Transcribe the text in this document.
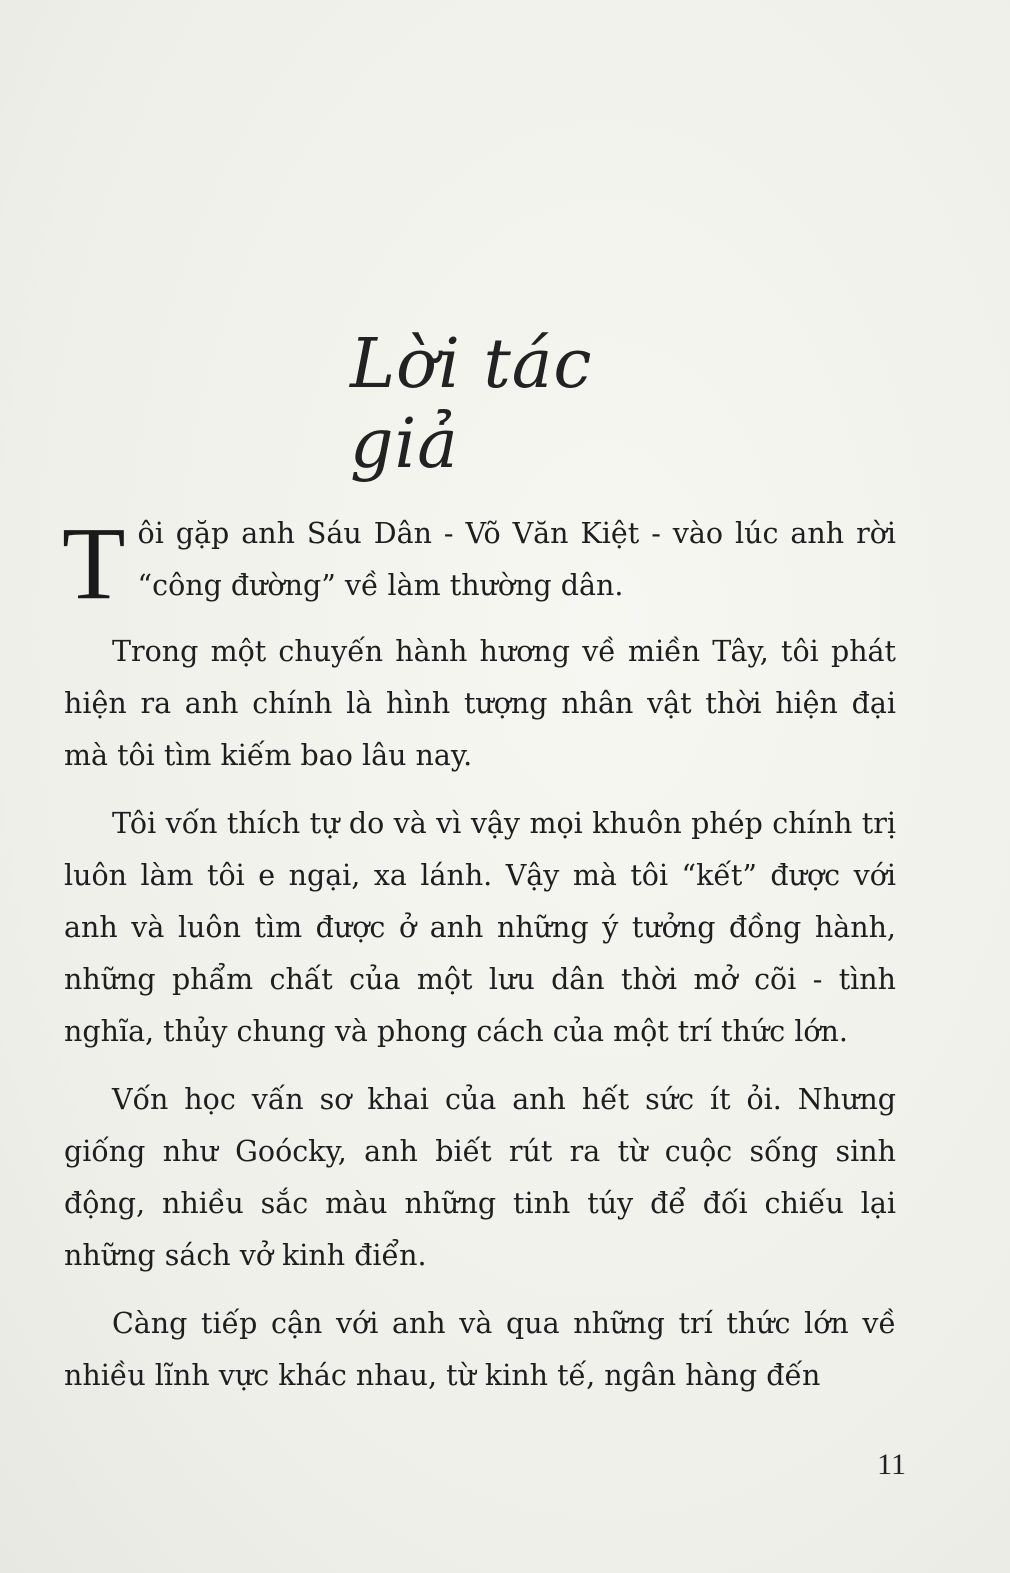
Lời tác giả

Tôi gặp anh Sáu Dân - Võ Văn Kiệt - vào lúc anh rời “công đường” về làm thường dân.

Trong một chuyến hành hương về miền Tây, tôi phát hiện ra anh chính là hình tượng nhân vật thời hiện đại mà tôi tìm kiếm bao lâu nay.

Tôi vốn thích tự do và vì vậy mọi khuôn phép chính trị luôn làm tôi e ngại, xa lánh. Vậy mà tôi “kết” được với anh và luôn tìm được ở anh những ý tưởng đồng hành, những phẩm chất của một lưu dân thời mở cõi - tình nghĩa, thủy chung và phong cách của một trí thức lớn.

Vốn học vấn sơ khai của anh hết sức ít ỏi. Nhưng giống như Goócky, anh biết rút ra từ cuộc sống sinh động, nhiều sắc màu những tinh túy để đối chiếu lại những sách vở kinh điển.

Càng tiếp cận với anh và qua những trí thức lớn về nhiều lĩnh vực khác nhau, từ kinh tế, ngân hàng đến

11
